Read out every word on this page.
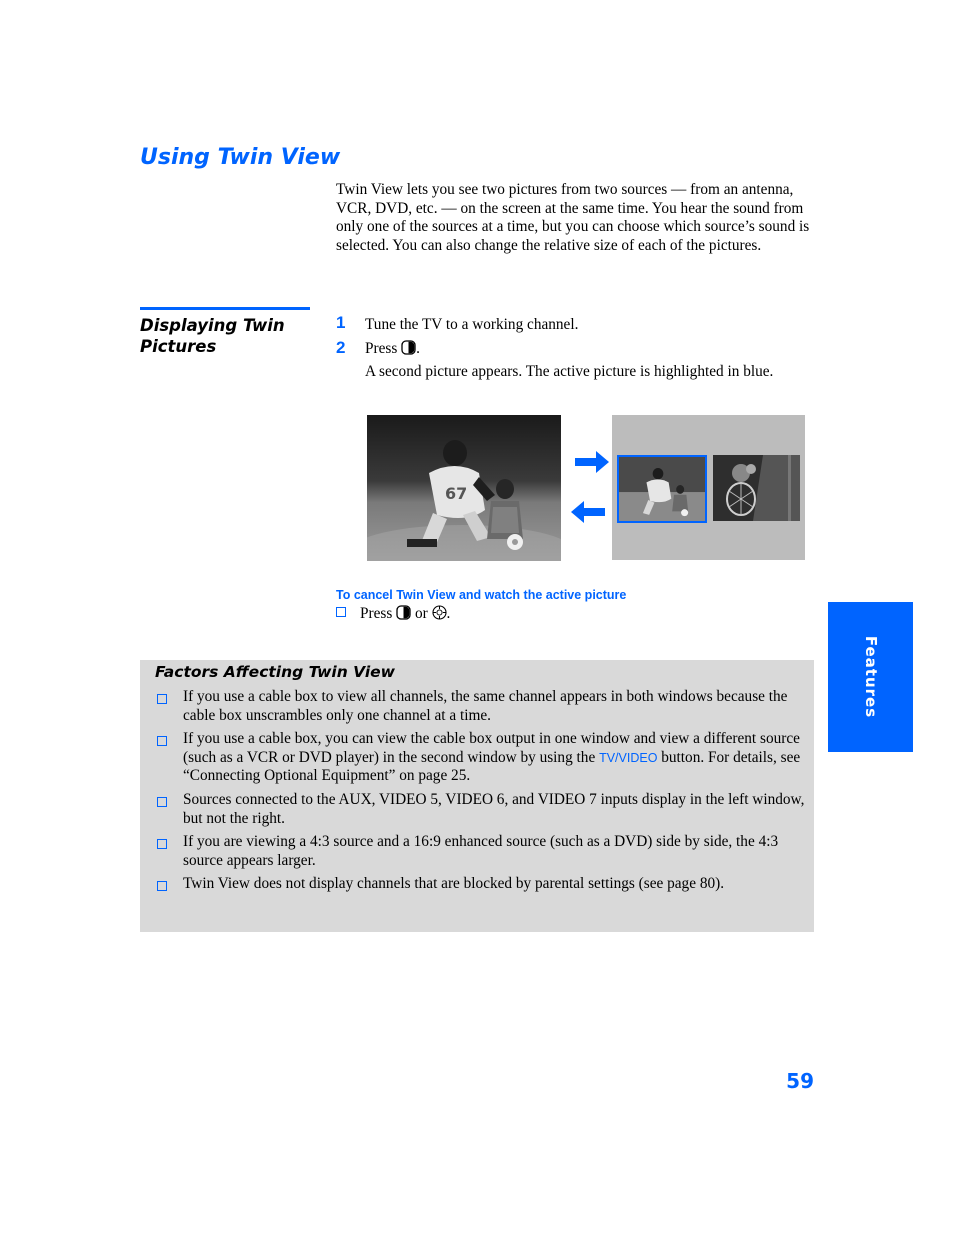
Using Twin View
Twin View lets you see two pictures from two sources — from an antenna, VCR, DVD, etc. — on the screen at the same time. You hear the sound from only one of the sources at a time, but you can choose which source’s sound is selected. You can also change the relative size of each of the pictures.
Displaying Twin Pictures
1 Tune the TV to a working channel.
2 Press .
A second picture appears. The active picture is highlighted in blue.
67
To cancel Twin View and watch the active picture
Press or .
Factors Affecting Twin View
If you use a cable box to view all channels, the same channel appears in both windows because the cable box unscrambles only one channel at a time.
If you use a cable box, you can view the cable box output in one window and view a different source (such as a VCR or DVD player) in the second window by using the TV/VIDEO button. For details, see “Connecting Optional Equipment” on page 25.
Sources connected to the AUX, VIDEO 5, VIDEO 6, and VIDEO 7 inputs display in the left window, but not the right.
If you are viewing a 4:3 source and a 16:9 enhanced source (such as a DVD) side by side, the 4:3 source appears larger.
Twin View does not display channels that are blocked by parental settings (see page 80).
Features
59
